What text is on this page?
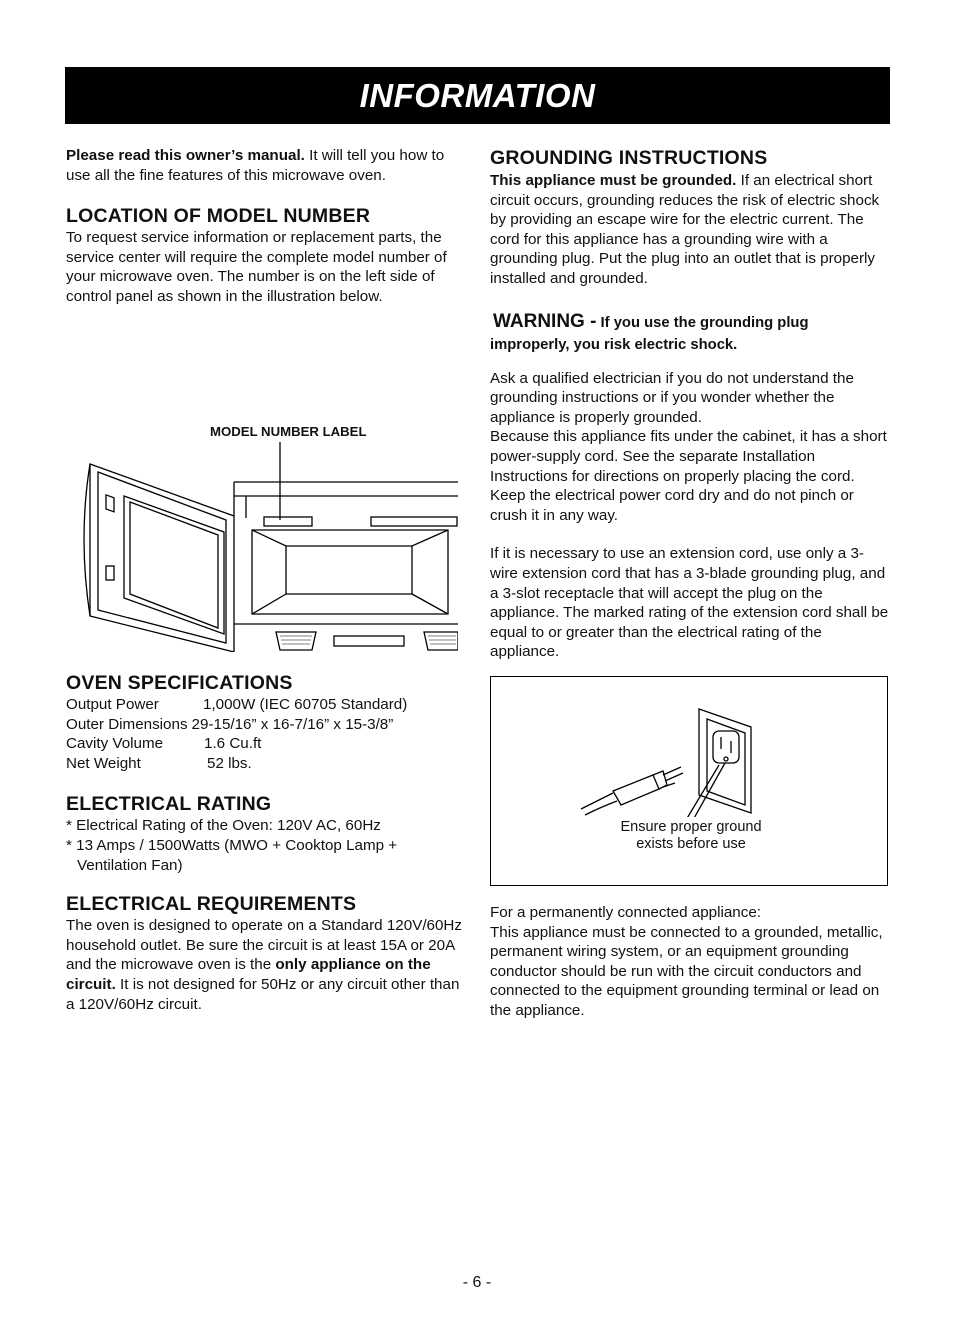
INFORMATION

Please read this owner’s manual. It will tell you how to use all the fine features of this microwave oven.

LOCATION OF MODEL NUMBER

To request service information or replacement parts, the service center will require the complete model number of your microwave oven. The number is on the left side of control panel as shown in the illustration below.

MODEL NUMBER LABEL
OVEN SPECIFICATIONS
Output Power	1,000W (IEC 60705 Standard)
Outer Dimensions 29-15/16” x 16-7/16” x 15-3/8”
Cavity Volume	1.6 Cu.ft
Net Weight	52 lbs.
ELECTRICAL RATING
* Electrical Rating of the Oven: 120V AC, 60Hz
* 13 Amps / 1500Watts (MWO + Cooktop Lamp + Ventilation Fan)
ELECTRICAL REQUIREMENTS

The oven is designed to operate on a Standard 120V/60Hz household outlet. Be sure the circuit is at least 15A or 20A and the microwave oven is the only appliance on the circuit. It is not designed for 50Hz or any circuit other than a 120V/60Hz circuit.

GROUNDING INSTRUCTIONS

This appliance must be grounded. If an electrical short circuit occurs, grounding reduces the risk of electric shock by providing an escape wire for the electric current. The cord for this appliance has a grounding wire with a grounding plug. Put the plug into an outlet that is properly installed and grounded.

WARNING - If you use the grounding plug improperly, you risk electric shock.

Ask a qualified electrician if you do not understand the grounding instructions or if you wonder whether the appliance is properly grounded.

Because this appliance fits under the cabinet, it has a short power-supply cord. See the separate Installation Instructions for directions on properly placing the cord. Keep the electrical power cord dry and do not pinch or crush it in any way.

If it is necessary to use an extension cord, use only a 3-wire extension cord that has a 3-blade grounding plug, and a 3-slot receptacle that will accept the plug on the appliance. The marked rating of the extension cord shall be equal to or greater than the electrical rating of the appliance.

Ensure proper ground
exists before use

For a permanently connected appliance:

This appliance must be connected to a grounded, metallic, permanent wiring system, or an equipment grounding conductor should be run with the circuit conductors and connected to the equipment grounding terminal or lead on the appliance.

- 6 -
